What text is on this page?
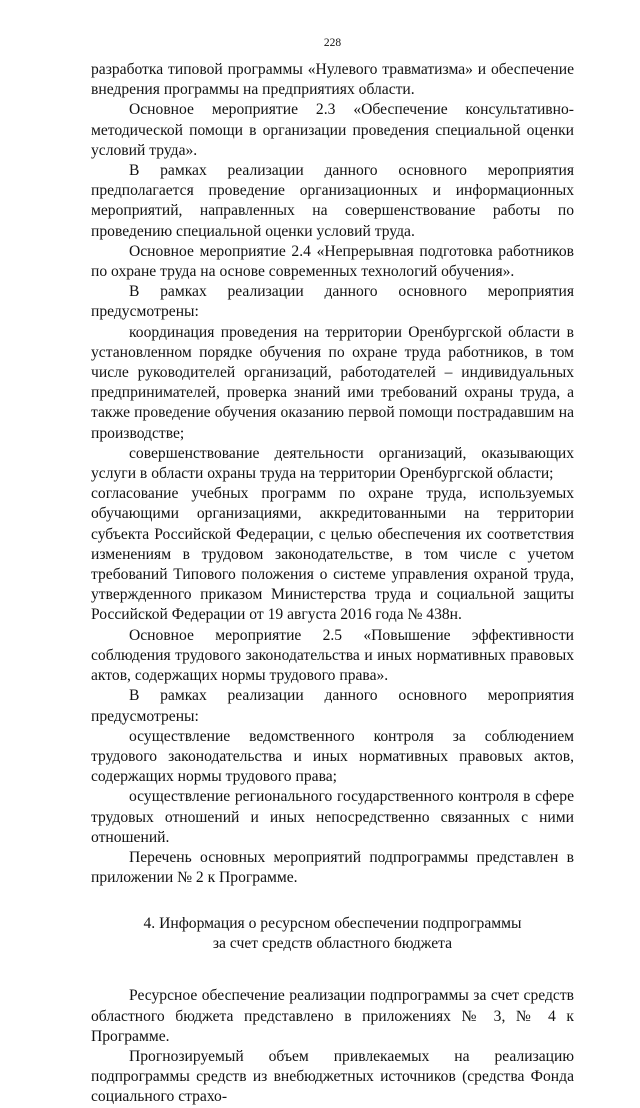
228

разработка типовой программы «Нулевого травматизма» и обеспечение внедрения программы на предприятиях области.

Основное мероприятие 2.3 «Обеспечение консультативно-методической помощи в организации проведения специальной оценки условий труда».

В рамках реализации данного основного мероприятия предполагается проведение организационных и информационных мероприятий, направленных на совершенствование работы по проведению специальной оценки условий труда.

Основное мероприятие 2.4 «Непрерывная подготовка работников по охране труда на основе современных технологий обучения».

В рамках реализации данного основного мероприятия предусмотрены:

координация проведения на территории Оренбургской области в установленном порядке обучения по охране труда работников, в том числе руководителей организаций, работодателей – индивидуальных предпринимателей, проверка знаний ими требований охраны труда, а также проведение обучения оказанию первой помощи пострадавшим на производстве;

совершенствование деятельности организаций, оказывающих услуги в области охраны труда на территории Оренбургской области;

согласование учебных программ по охране труда, используемых обучающими организациями, аккредитованными на территории субъекта Российской Федерации, с целью обеспечения их соответствия изменениям в трудовом законодательстве, в том числе с учетом требований Типового положения о системе управления охраной труда, утвержденного приказом Министерства труда и социальной защиты Российской Федерации от 19 августа 2016 года № 438н.

Основное мероприятие 2.5 «Повышение эффективности соблюдения трудового законодательства и иных нормативных правовых актов, содержащих нормы трудового права».

В рамках реализации данного основного мероприятия предусмотрены:

осуществление ведомственного контроля за соблюдением трудового законодательства и иных нормативных правовых актов, содержащих нормы трудового права;

осуществление регионального государственного контроля в сфере трудовых отношений и иных непосредственно связанных с ними отношений.

Перечень основных мероприятий подпрограммы представлен в приложении № 2 к Программе.

4. Информация о ресурсном обеспечении подпрограммы
за счет средств областного бюджета

Ресурсное обеспечение реализации подпрограммы за счет средств областного бюджета представлено в приложениях № 3, № 4 к Программе.

Прогнозируемый объем привлекаемых на реализацию подпрограммы средств из внебюджетных источников (средства Фонда социального страхо-
